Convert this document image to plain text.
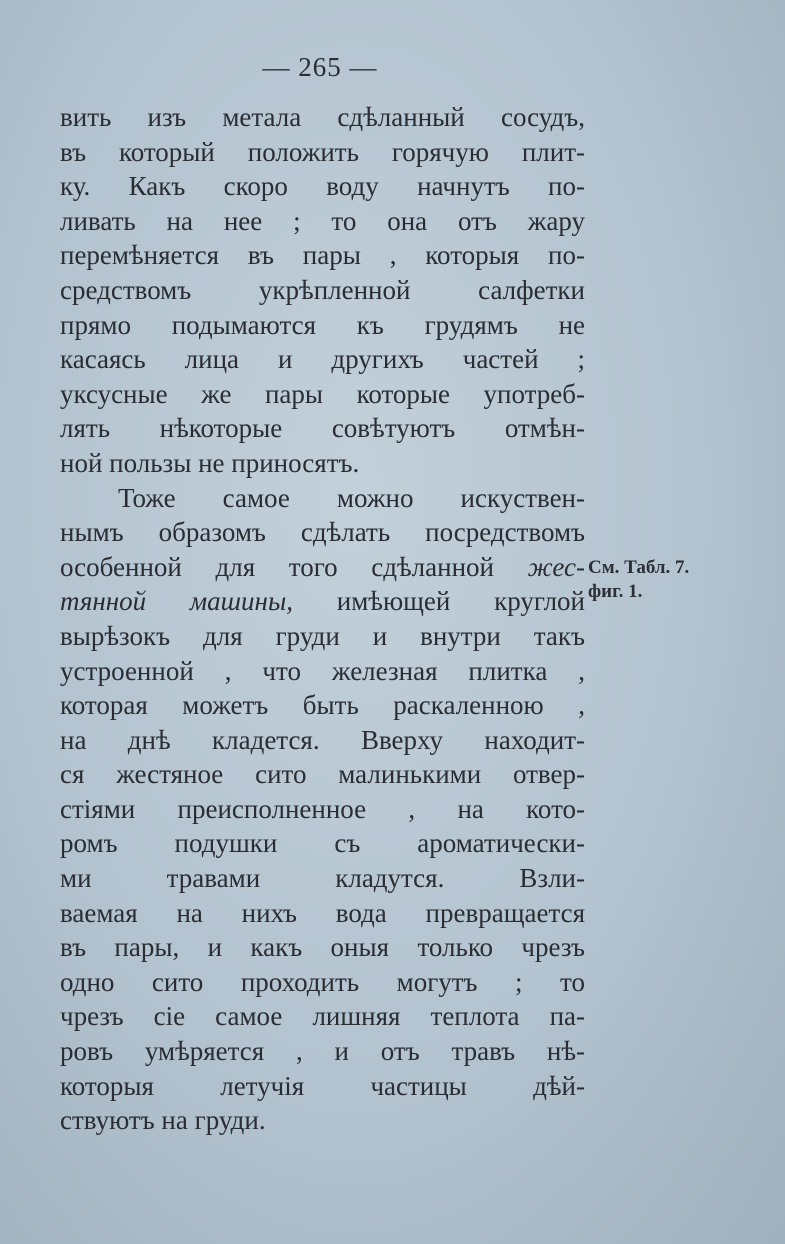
— 265 —
вить изъ метала сдѣланный сосудъ,
въ который положить горячую плит-
ку. Какъ скоро воду начнутъ по-
ливать на нее ; то она отъ жару
перемѣняется въ пары , которыя по-
средствомъ укрѣпленной салфетки
прямо подымаются къ грудямъ не
касаясь лица и другихъ частей ;
уксусные же пары которые употреб-
лять нѣкоторые совѣтуютъ отмѣн-
ной пользы не приносятъ.
Тоже самое можно искуствен-
нымъ образомъ сдѣлать посредствомъ
особенной для того сдѣланной жес-
тянной машины, имѣющей круглой
вырѣзокъ для груди и внутри такъ
устроенной , что железная плитка ,
которая можетъ быть раскаленною ,
на днѣ кладется. Вверху находит-
ся жестяное сито малинькими отвер-
стіями преисполненное , на кото-
ромъ подушки съ ароматически-
ми травами кладутся. Взли-
ваемая на нихъ вода превращается
въ пары, и какъ оныя только чрезъ
одно сито проходить могутъ ; то
чрезъ сіе самое лишняя теплота па-
ровъ умѣряется , и отъ травъ нѣ-
которыя летучія частицы дѣй-
ствуютъ на груди.
См. Табл. 7.
фиг. 1.
